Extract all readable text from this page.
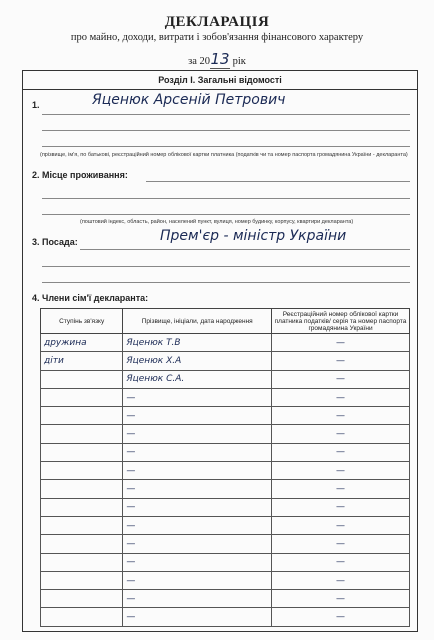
ДЕКЛАРАЦІЯ
про майно, доходи, витрати і зобов'язання фінансового характеру
за 2013 рік
Розділ І. Загальні відомості
1.	Яценюк Арсеній Петрович
(прізвище, ім'я, по батькові, реєстраційний номер облікової картки платника (податків чи та номер паспорта громадянина України - декларанта)
2. Місце проживання:
(поштовий індекс, область, район, населений пункт, вулиця, номер будинку, корпусу, квартири декларанта)
3. Посада:	Прем'єр - міністр України
4. Члени сім'ї декларанта:
Ступінь зв'язку	Прізвище, ініціали, дата народження	Реєстраційний номер облікової картки платника податків/ серія та номер паспорта громадянина України
дружина	Яценюк Т.В	—
діти	Яценюк Х.А	—
	Яценюк С.А.	—
	—	—
	—	—
	—	—
	—	—
	—	—
	—	—
	—	—
	—	—
	—	—
	—	—
	—	—
	—	—
	—	—
